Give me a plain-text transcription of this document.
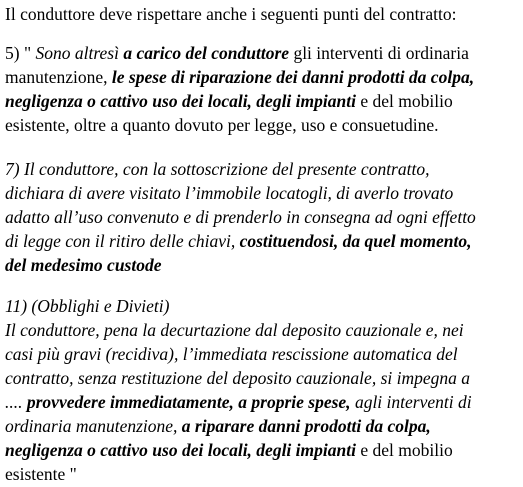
Il conduttore deve rispettare anche i seguenti punti del contratto:
5) " Sono altresì a carico del conduttore gli interventi di ordinaria
manutenzione, le spese di riparazione dei danni prodotti da colpa,
negligenza o cattivo uso dei locali, degli impianti e del mobilio
esistente, oltre a quanto dovuto per legge, uso e consuetudine.
7) Il conduttore, con la sottoscrizione del presente contratto,
dichiara di avere visitato l’immobile locatogli, di averlo trovato
adatto all’uso convenuto e di prenderlo in consegna ad ogni effetto
di legge con il ritiro delle chiavi, costituendosi, da quel momento,
del medesimo custode
11) (Obblighi e Divieti)
Il conduttore, pena la decurtazione dal deposito cauzionale e, nei
casi più gravi (recidiva), l’immediata rescissione automatica del
contratto, senza restituzione del deposito cauzionale, si impegna a
.... provvedere immediatamente, a proprie spese, agli interventi di
ordinaria manutenzione, a riparare danni prodotti da colpa,
negligenza o cattivo uso dei locali, degli impianti e del mobilio
esistente "
